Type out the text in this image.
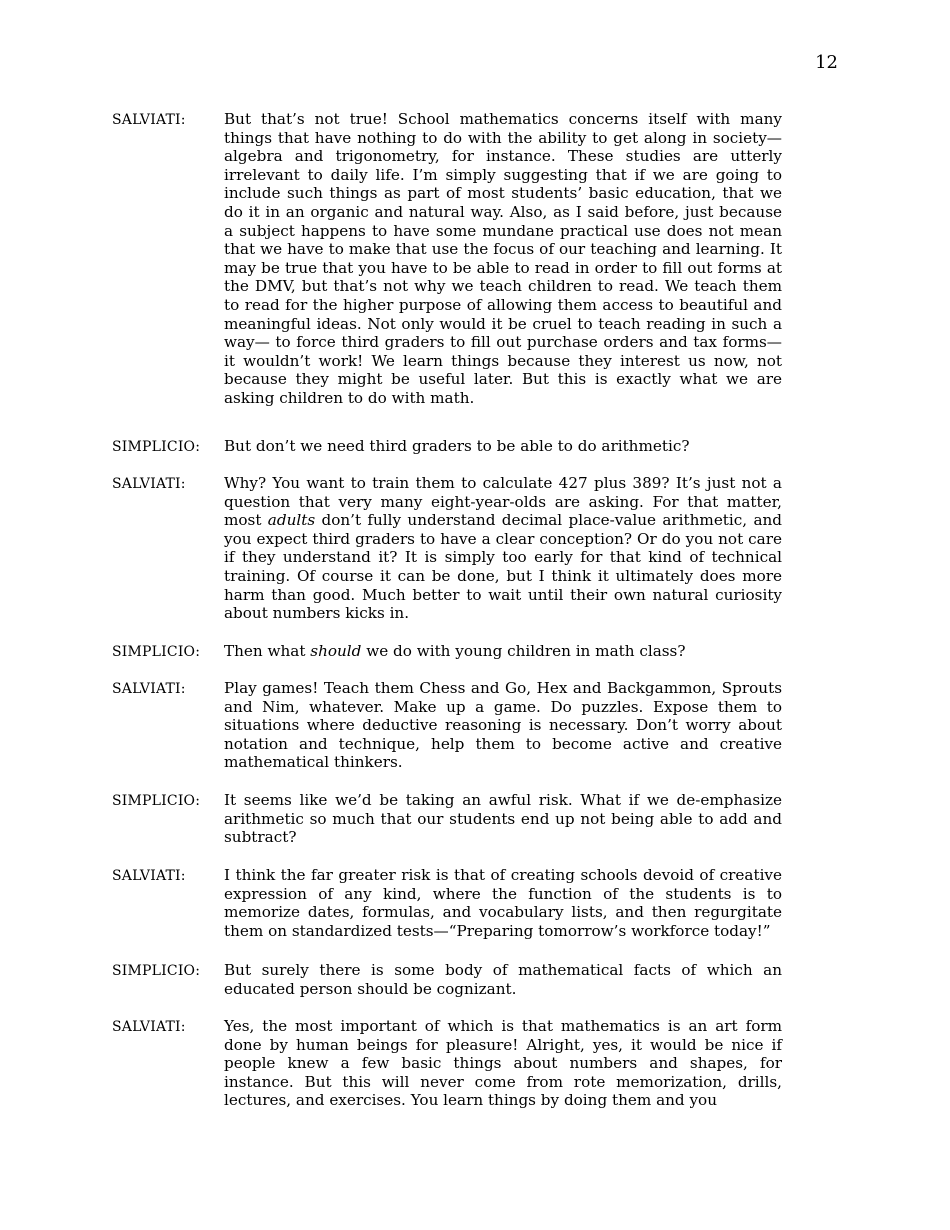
12
SALVIATI:	But that’s not true! School mathematics concerns itself with many things that have nothing to do with the ability to get along in society— algebra and trigonometry, for instance. These studies are utterly irrelevant to daily life. I’m simply suggesting that if we are going to include such things as part of most students’ basic education, that we do it in an organic and natural way. Also, as I said before, just because a subject happens to have some mundane practical use does not mean that we have to make that use the focus of our teaching and learning. It may be true that you have to be able to read in order to fill out forms at the DMV, but that’s not why we teach children to read. We teach them to read for the higher purpose of allowing them access to beautiful and meaningful ideas. Not only would it be cruel to teach reading in such a way— to force third graders to fill out purchase orders and tax forms— it wouldn’t work! We learn things because they interest us now, not because they might be useful later. But this is exactly what we are asking children to do with math.
SIMPLICIO: But don’t we need third graders to be able to do arithmetic?
SALVIATI:	Why? You want to train them to calculate 427 plus 389? It’s just not a question that very many eight-year-olds are asking. For that matter, most adults don’t fully understand decimal place-value arithmetic, and you expect third graders to have a clear conception? Or do you not care if they understand it? It is simply too early for that kind of technical training. Of course it can be done, but I think it ultimately does more harm than good. Much better to wait until their own natural curiosity about numbers kicks in.
SIMPLICIO: Then what should we do with young children in math class?
SALVIATI:	Play games! Teach them Chess and Go, Hex and Backgammon, Sprouts and Nim, whatever. Make up a game. Do puzzles. Expose them to situations where deductive reasoning is necessary. Don’t worry about notation and technique, help them to become active and creative mathematical thinkers.
SIMPLICIO: It seems like we’d be taking an awful risk. What if we de-emphasize arithmetic so much that our students end up not being able to add and subtract?
SALVIATI:	I think the far greater risk is that of creating schools devoid of creative expression of any kind, where the function of the students is to memorize dates, formulas, and vocabulary lists, and then regurgitate them on standardized tests—“Preparing tomorrow’s workforce today!”
SIMPLICIO: But surely there is some body of mathematical facts of which an educated person should be cognizant.
SALVIATI:	Yes, the most important of which is that mathematics is an art form done by human beings for pleasure! Alright, yes, it would be nice if people knew a few basic things about numbers and shapes, for instance. But this will never come from rote memorization, drills, lectures, and exercises. You learn things by doing them and you
